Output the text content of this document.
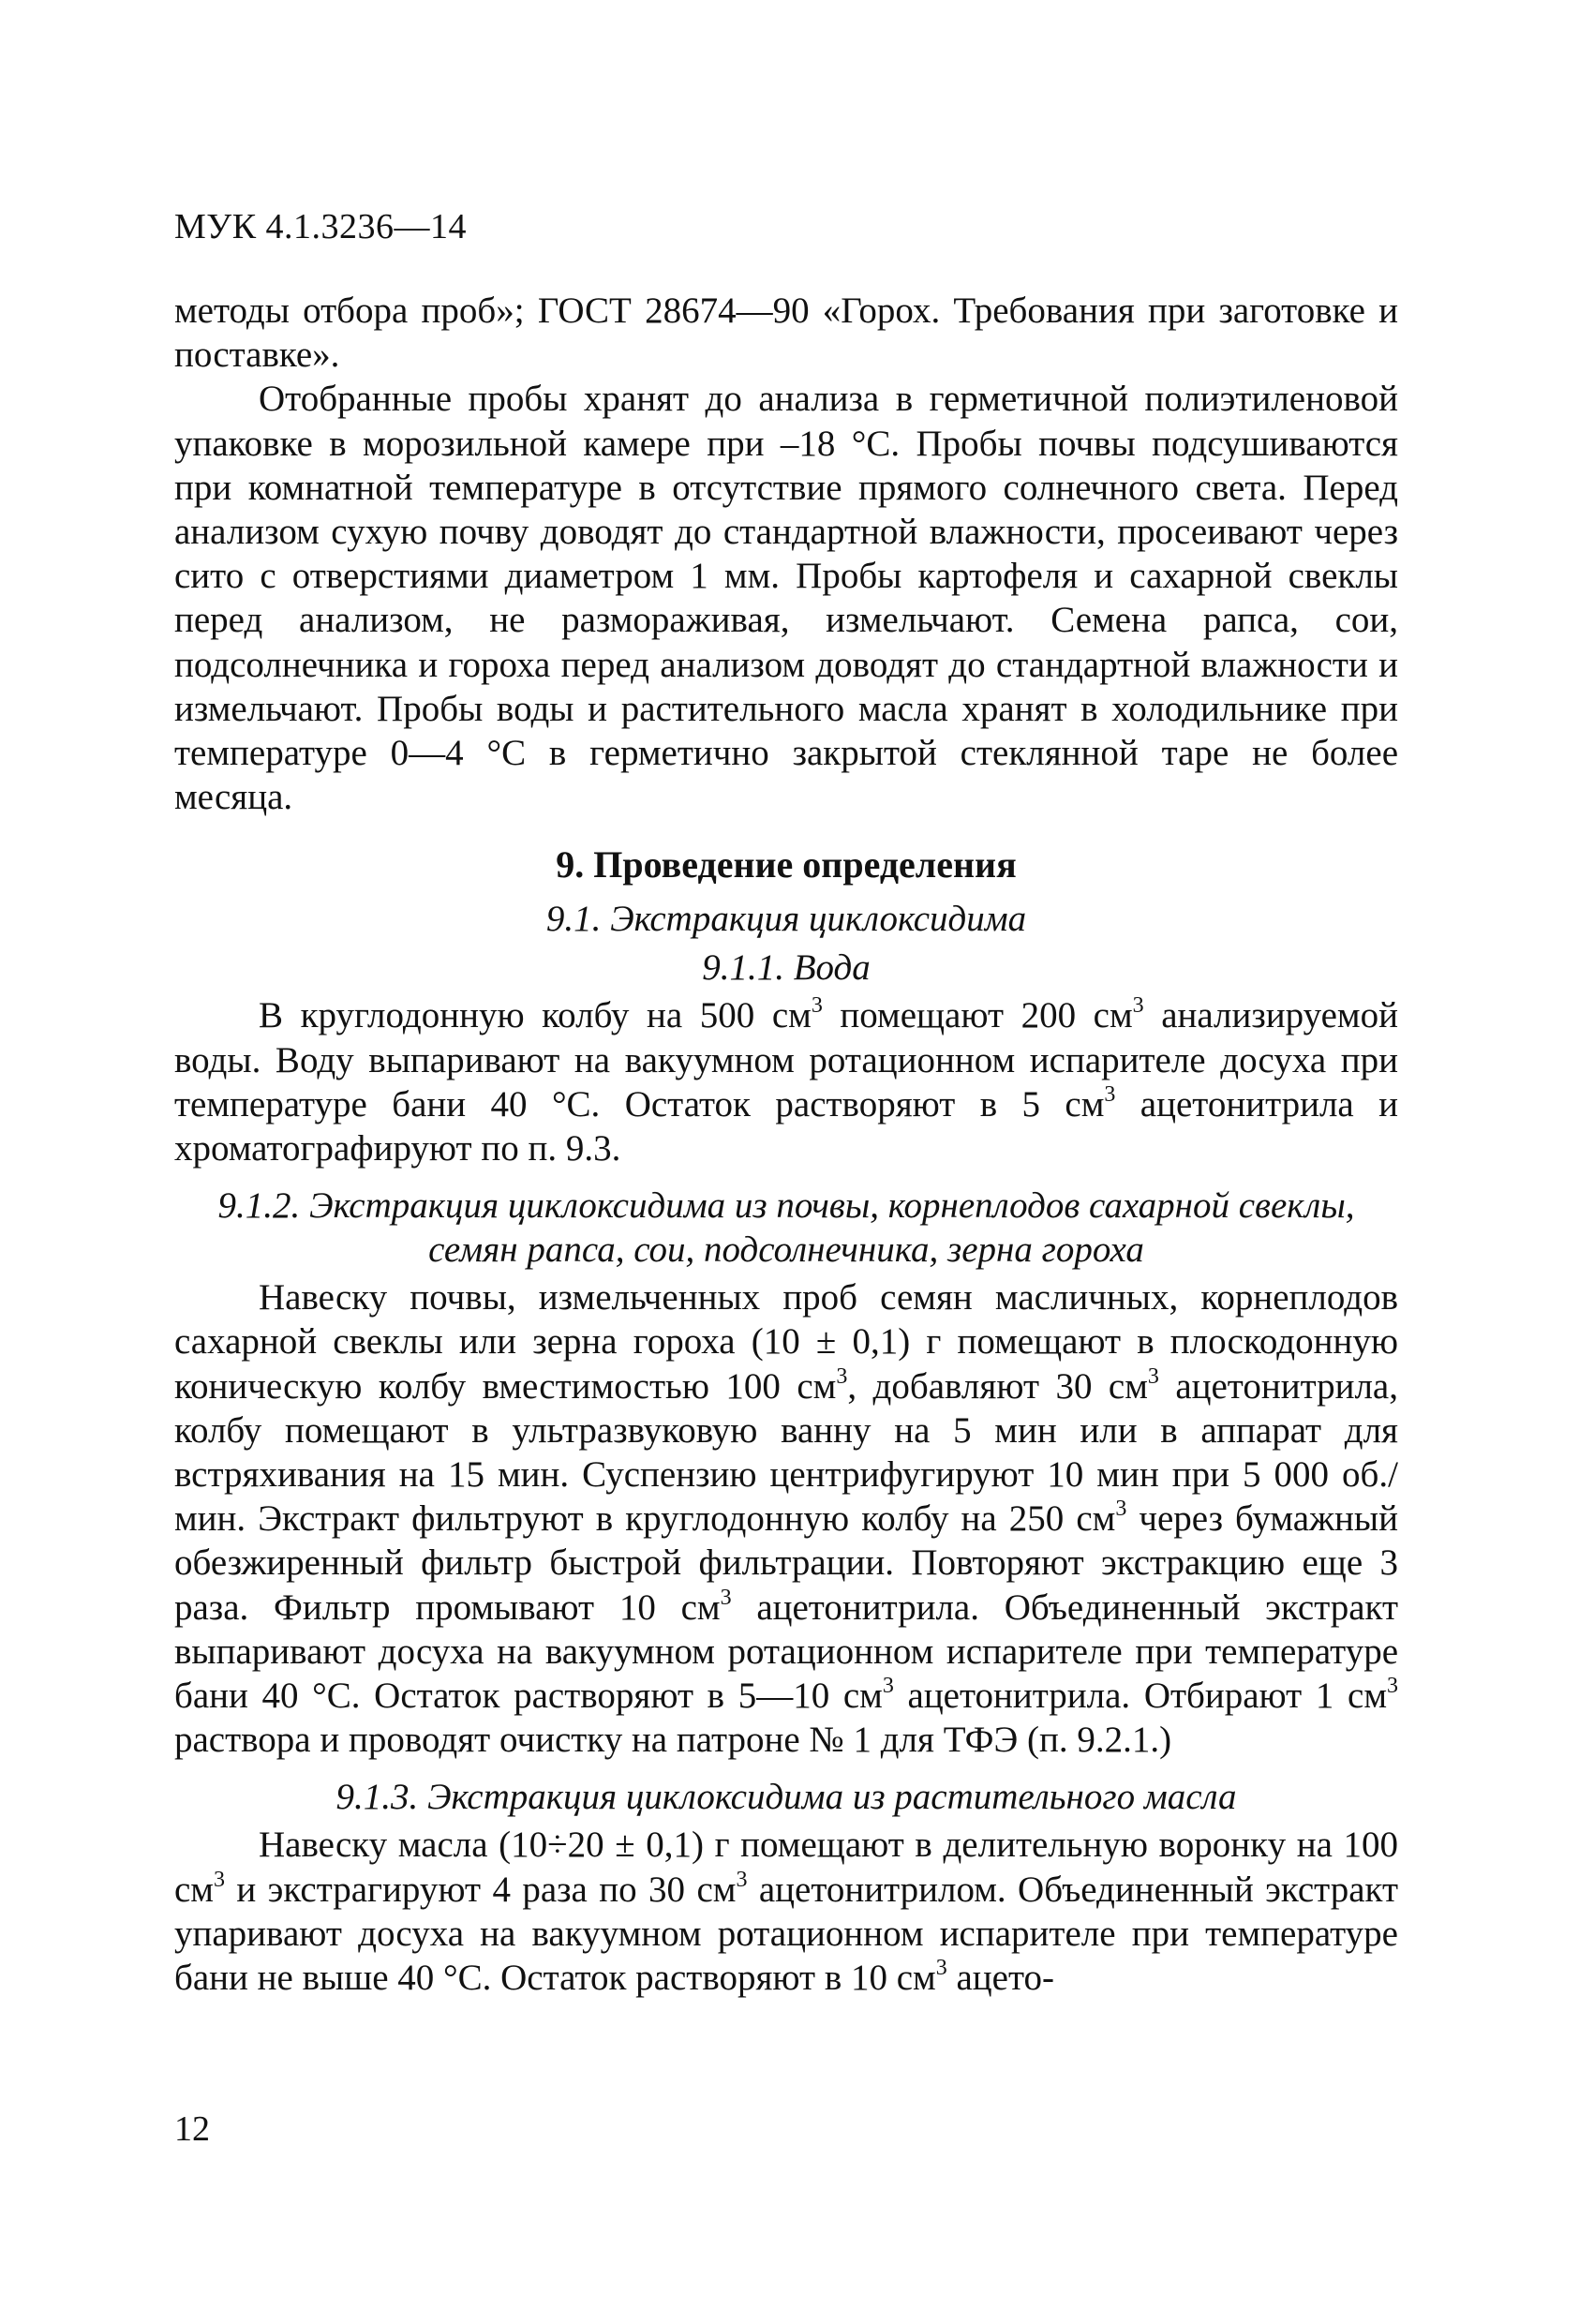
МУК 4.1.3236—14

методы отбора проб»; ГОСТ 28674—90 «Горох. Требования при заготовке и поставке».

Отобранные пробы хранят до анализа в герметичной полиэтиленовой упаковке в морозильной камере при –18 °С. Пробы почвы подсушиваются при комнатной температуре в отсутствие прямого солнечного света. Перед анализом сухую почву доводят до стандартной влажности, просеивают через сито с отверстиями диаметром 1 мм. Пробы картофеля и сахарной свеклы перед анализом, не размораживая, измельчают. Семена рапса, сои, подсолнечника и гороха перед анализом доводят до стандартной влажности и измельчают. Пробы воды и растительного масла хранят в холодильнике при температуре 0—4 °С в герметично закрытой стеклянной таре не более месяца.

9. Проведение определения
9.1. Экстракция циклоксидима
9.1.1. Вода

В круглодонную колбу на 500 $см^3$ помещают 200 $см^3$ анализируемой воды. Воду выпаривают на вакуумном ротационном испарителе досуха при температуре бани 40 °С. Остаток растворяют в 5 $см^3$ ацетонитрила и хроматографируют по п. 9.3.

9.1.2. Экстракция циклоксидима из почвы, корнеплодов сахарной свеклы, семян рапса, сои, подсолнечника, зерна гороха

Навеску почвы, измельченных проб семян масличных, корнеплодов сахарной свеклы или зерна гороха (10 ± 0,1) г помещают в плоскодонную коническую колбу вместимостью 100 $см^3$, добавляют 30 $см^3$ ацетонитрила, колбу помещают в ультразвуковую ванну на 5 мин или в аппарат для встряхивания на 15 мин. Суспензию центрифугируют 10 мин при 5 000 об./мин. Экстракт фильтруют в круглодонную колбу на 250 $см^3$ через бумажный обезжиренный фильтр быстрой фильтрации. Повторяют экстракцию еще 3 раза. Фильтр промывают 10 $см^3$ ацетонитрила. Объединенный экстракт выпаривают досуха на вакуумном ротационном испарителе при температуре бани 40 °С. Остаток растворяют в 5—10 $см^3$ ацетонитрила. Отбирают 1 $см^3$ раствора и проводят очистку на патроне № 1 для ТФЭ (п. 9.2.1.)

9.1.3. Экстракция циклоксидима из растительного масла

Навеску масла (10÷20 ± 0,1) г помещают в делительную воронку на 100 $см^3$ и экстрагируют 4 раза по 30 $см^3$ ацетонитрилом. Объединенный экстракт упаривают досуха на вакуумном ротационном испарителе при температуре бани не выше 40 °С. Остаток растворяют в 10 $см^3$ ацето-

12
